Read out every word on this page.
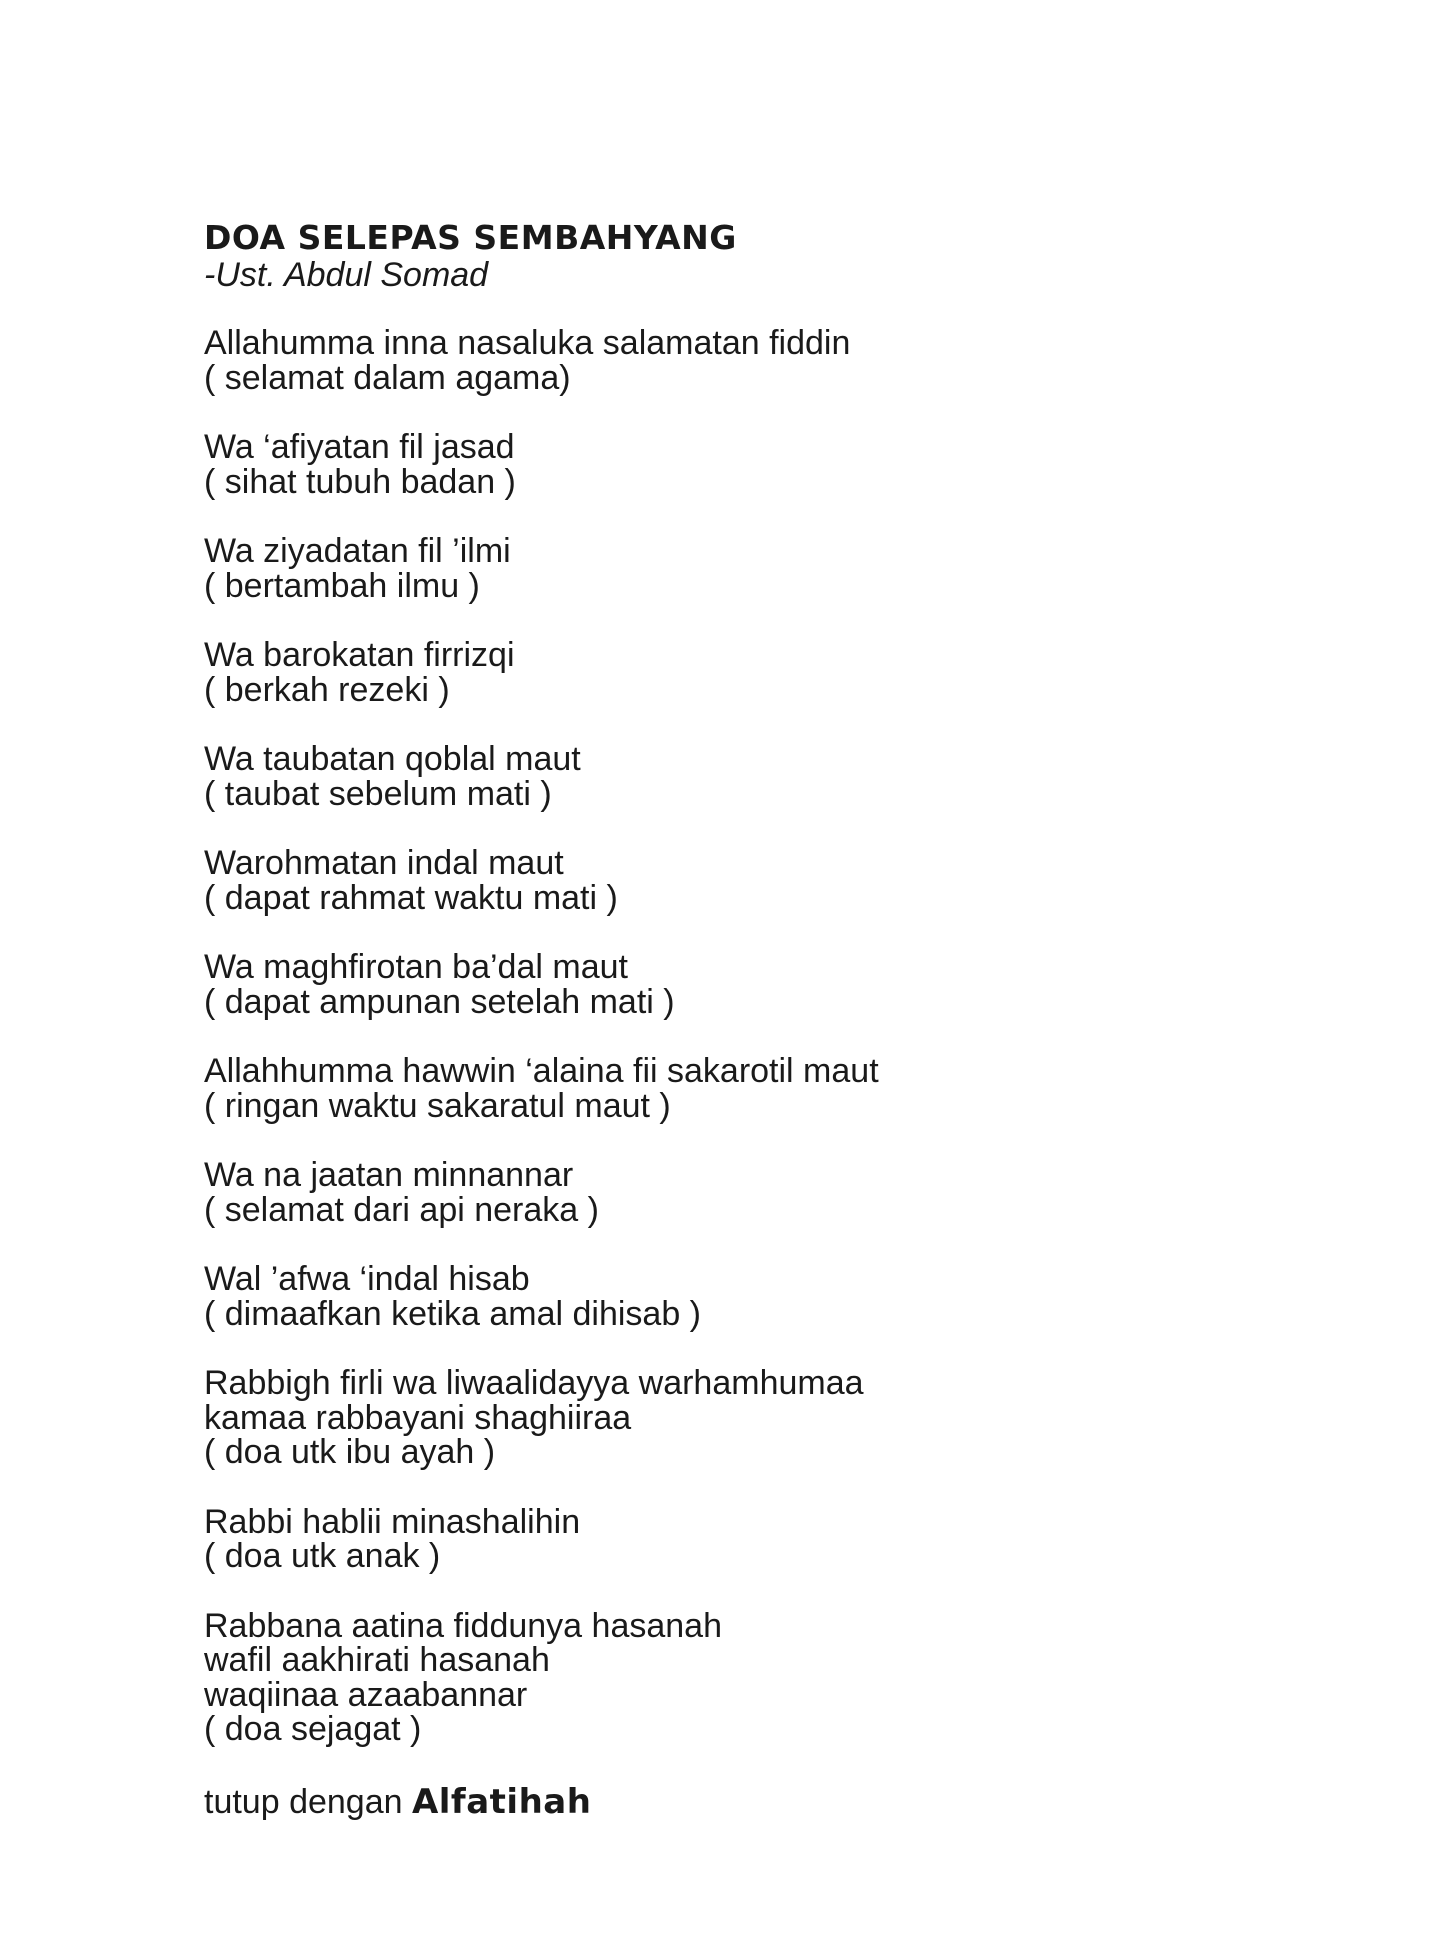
DOA SELEPAS SEMBAHYANG
-Ust. Abdul Somad
Allahumma inna nasaluka salamatan fiddin
( selamat dalam agama)
Wa ‘afiyatan fil jasad
( sihat tubuh badan )
Wa ziyadatan fil ’ilmi
( bertambah ilmu )
Wa barokatan firrizqi
( berkah rezeki )
Wa taubatan qoblal maut
( taubat sebelum mati )
Warohmatan indal maut
( dapat rahmat waktu mati )
Wa maghfirotan ba’dal maut
( dapat ampunan setelah mati )
Allahhumma hawwin ‘alaina fii sakarotil maut
( ringan waktu sakaratul maut )
Wa na jaatan minnannar
( selamat dari api neraka )
Wal ’afwa ‘indal hisab
( dimaafkan ketika amal dihisab )
Rabbigh firli wa liwaalidayya warhamhumaa
kamaa rabbayani shaghiiraa
( doa utk ibu ayah )
Rabbi hablii minashalihin
( doa utk anak )
Rabbana aatina fiddunya hasanah
wafil aakhirati hasanah
waqiinaa azaabannar
( doa sejagat )
tutup dengan Alfatihah
